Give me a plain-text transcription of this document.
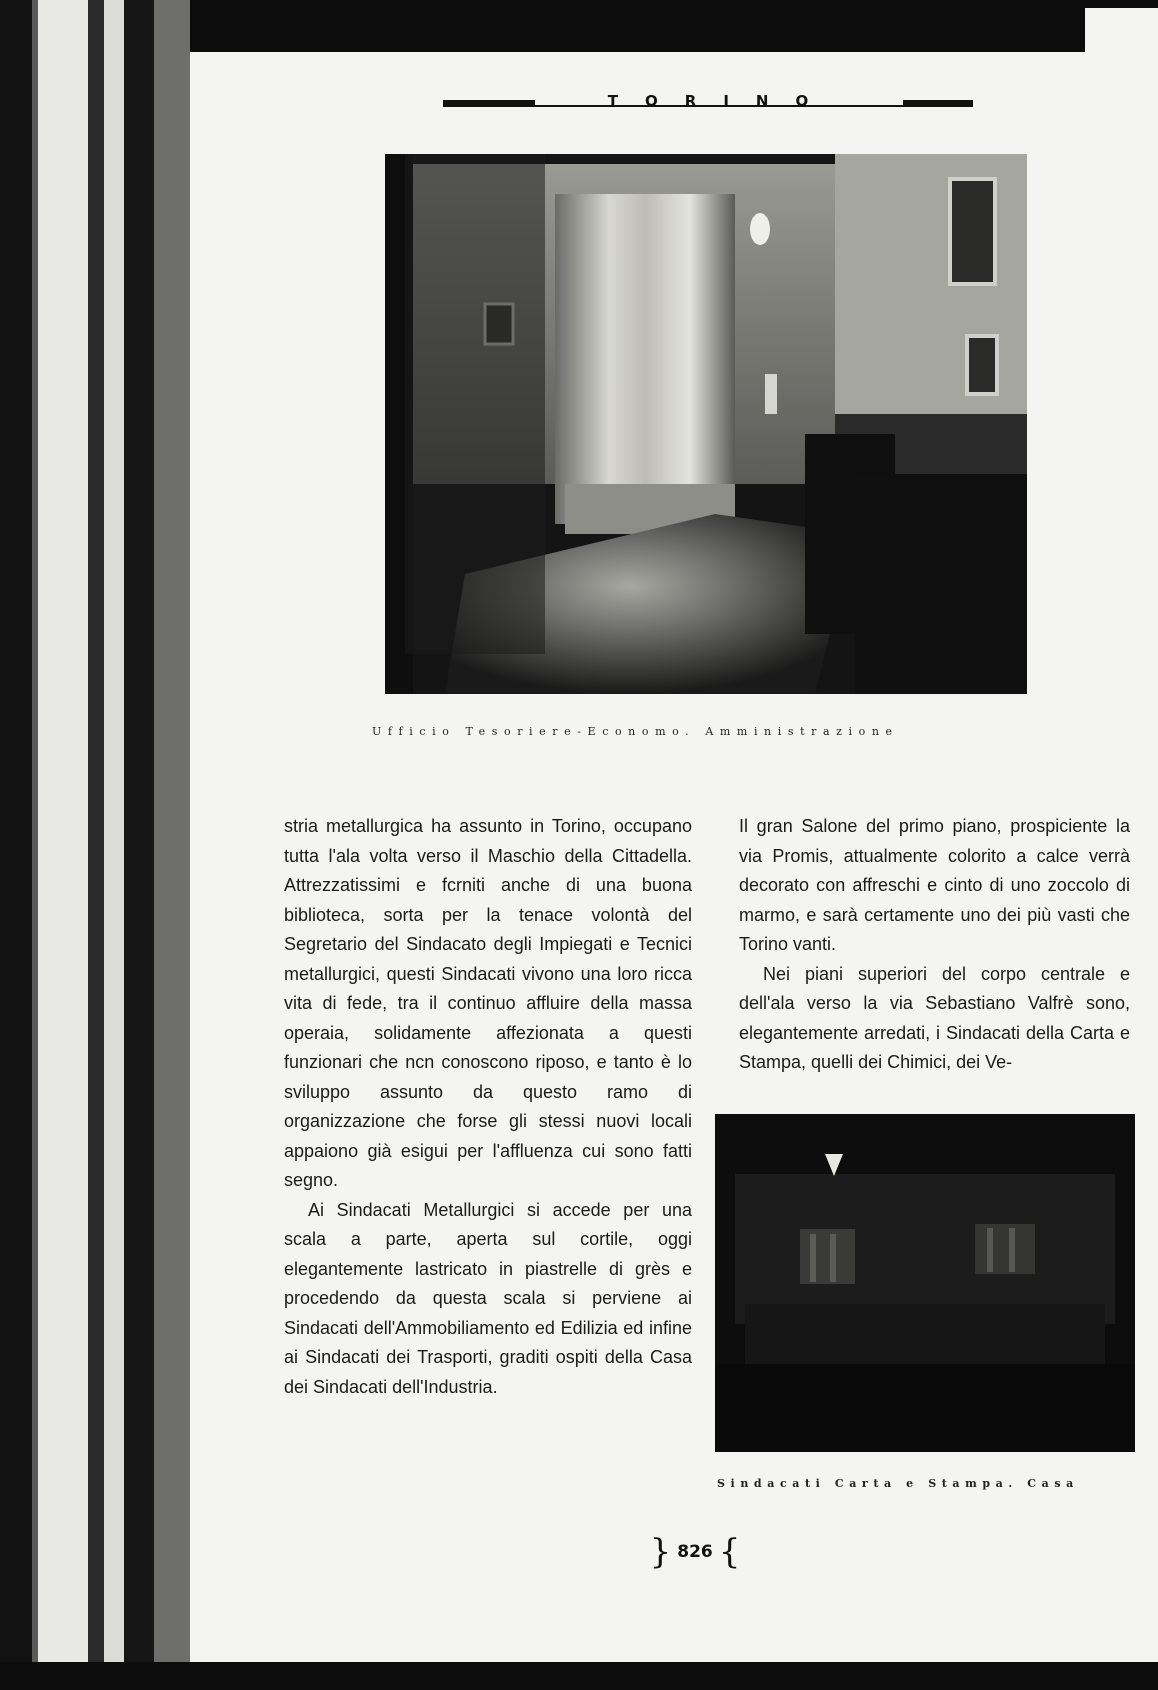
TORINO
Ufficio Tesoriere-Economo. Amministrazione

stria metallurgica ha assunto in Torino, occupano tutta l'ala volta verso il Maschio della Cittadella. Attrezzatissimi e fcrniti anche di una buona biblioteca, sorta per la tenace volontà del Segretario del Sindacato degli Impiegati e Tecnici metallurgici, questi Sindacati vivono una loro ricca vita di fede, tra il continuo affluire della massa operaia, solidamente affezionata a questi funzionari che ncn conoscono riposo, e tanto è lo sviluppo assunto da questo ramo di organizzazione che forse gli stessi nuovi locali appaiono già esigui per l'affluenza cui sono fatti segno.

Ai Sindacati Metallurgici si accede per una scala a parte, aperta sul cortile, oggi elegantemente lastricato in piastrelle di grès e procedendo da questa scala si perviene ai Sindacati dell'Ammobiliamento ed Edilizia ed infine ai Sindacati dei Trasporti, graditi ospiti della Casa dei Sindacati dell'Industria.

Il gran Salone del primo piano, prospiciente la via Promis, attualmente colorito a calce verrà decorato con affreschi e cinto di uno zoccolo di marmo, e sarà certamente uno dei più vasti che Torino vanti.

Nei piani superiori del corpo centrale e dell'ala verso la via Sebastiano Valfrè sono, elegantemente arredati, i Sindacati della Carta e Stampa, quelli dei Chimici, dei Ve-

Sindacati Carta e Stampa. Casa
} 826 {
